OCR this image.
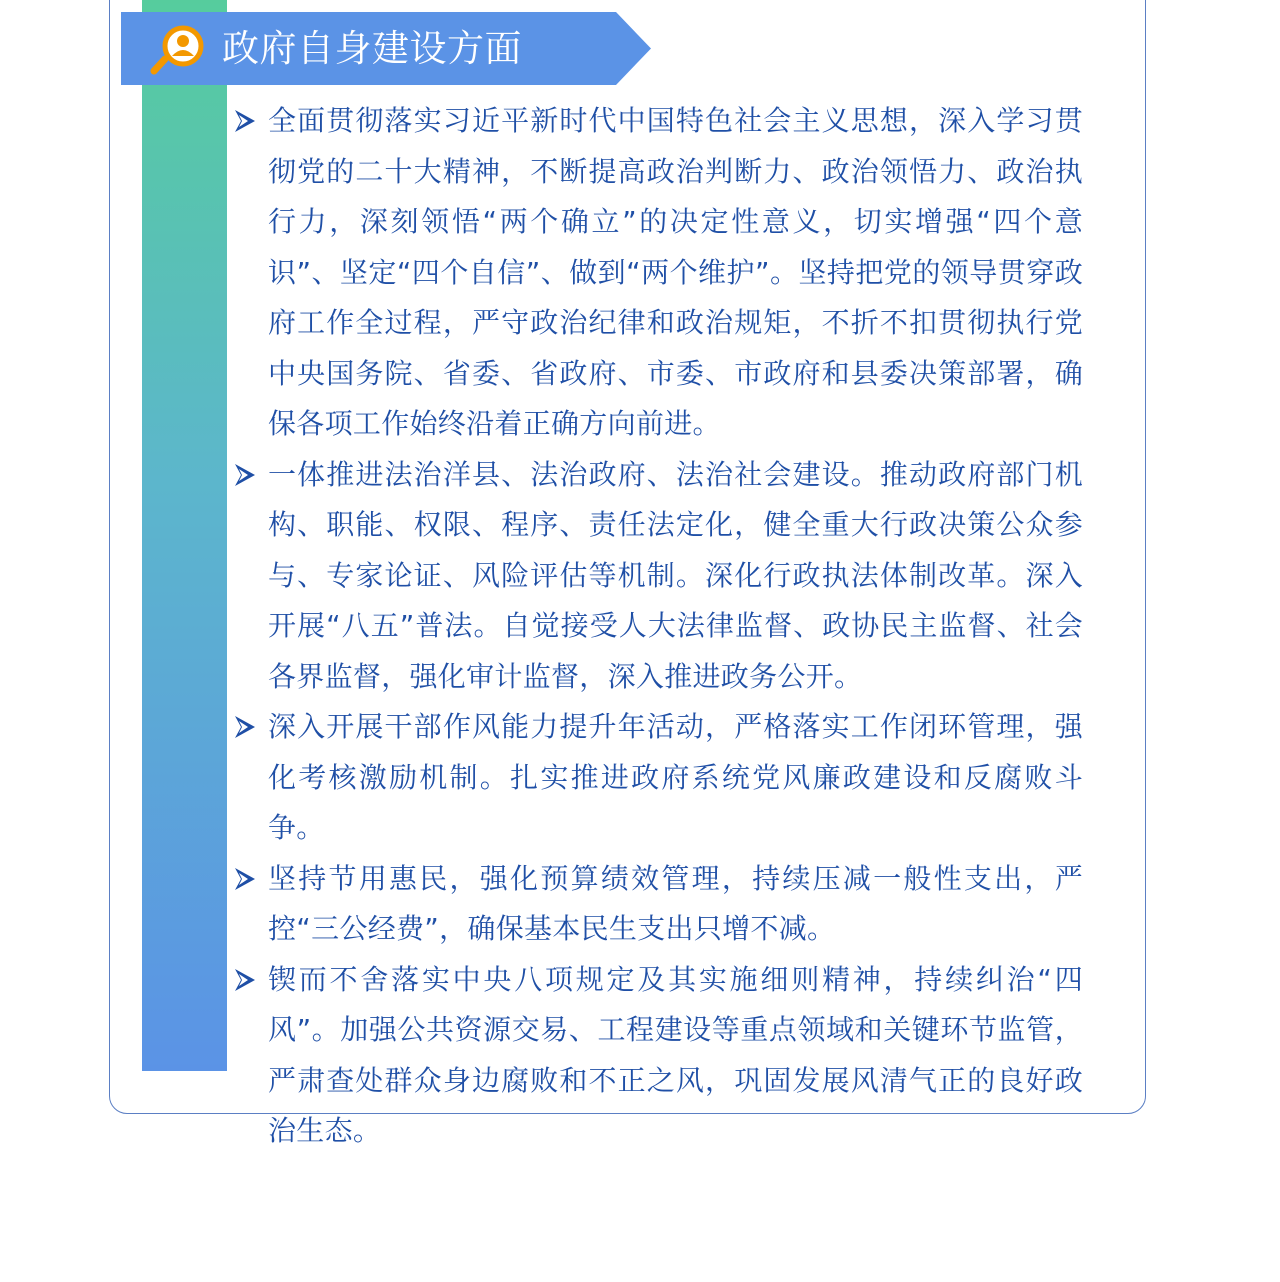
政府自身建设方面
全面贯彻落实习近平新时代中国特色社会主义思想，深入学习贯彻党的二十大精神，不断提高政治判断力、政治领悟力、政治执行力，深刻领悟“两个确立”的决定性意义，切实增强“四个意识”、坚定“四个自信”、做到“两个维护”。坚持把党的领导贯穿政府工作全过程，严守政治纪律和政治规矩，不折不扣贯彻执行党中央国务院、省委、省政府、市委、市政府和县委决策部署，确保各项工作始终沿着正确方向前进。
一体推进法治洋县、法治政府、法治社会建设。推动政府部门机构、职能、权限、程序、责任法定化，健全重大行政决策公众参与、专家论证、风险评估等机制。深化行政执法体制改革。深入开展“八五”普法。自觉接受人大法律监督、政协民主监督、社会各界监督，强化审计监督，深入推进政务公开。
深入开展干部作风能力提升年活动，严格落实工作闭环管理，强化考核激励机制。扎实推进政府系统党风廉政建设和反腐败斗争。
坚持节用惠民，强化预算绩效管理，持续压减一般性支出，严控“三公经费”，确保基本民生支出只增不减。
锲而不舍落实中央八项规定及其实施细则精神，持续纠治“四风”。加强公共资源交易、工程建设等重点领域和关键环节监管，严肃查处群众身边腐败和不正之风，巩固发展风清气正的良好政治生态。
